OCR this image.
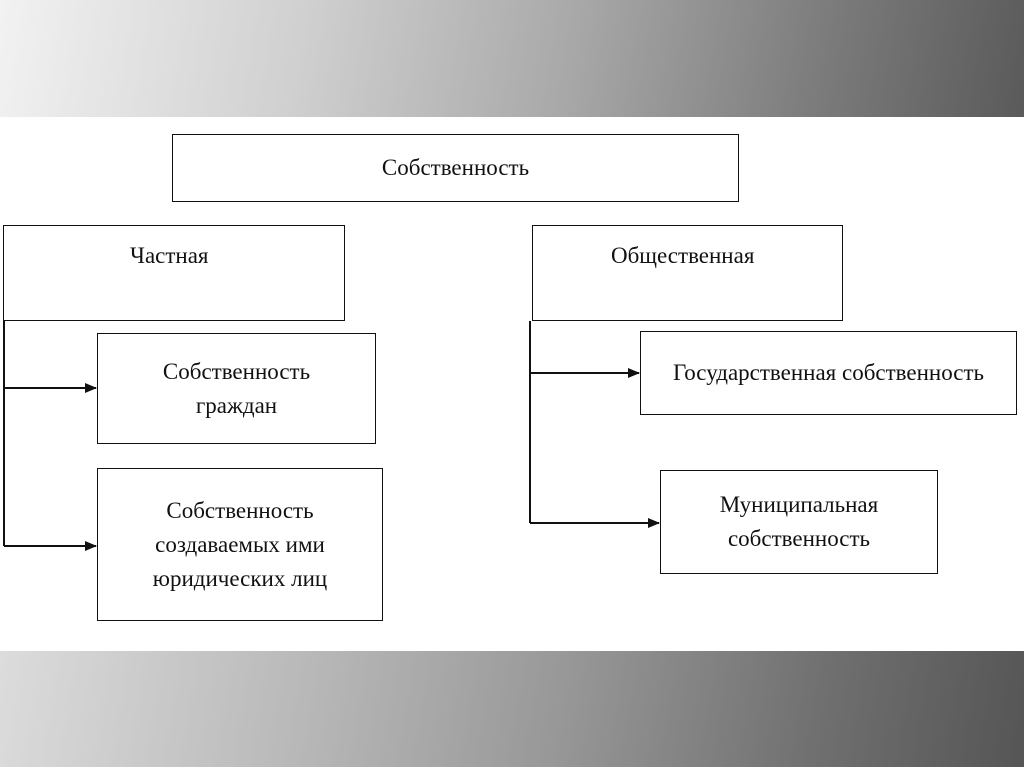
Собственность
Частная	Общественная
Собственность
граждан
Собственность
создаваемых ими
юридических лиц
Государственная собственность
Муниципальная
собственность
